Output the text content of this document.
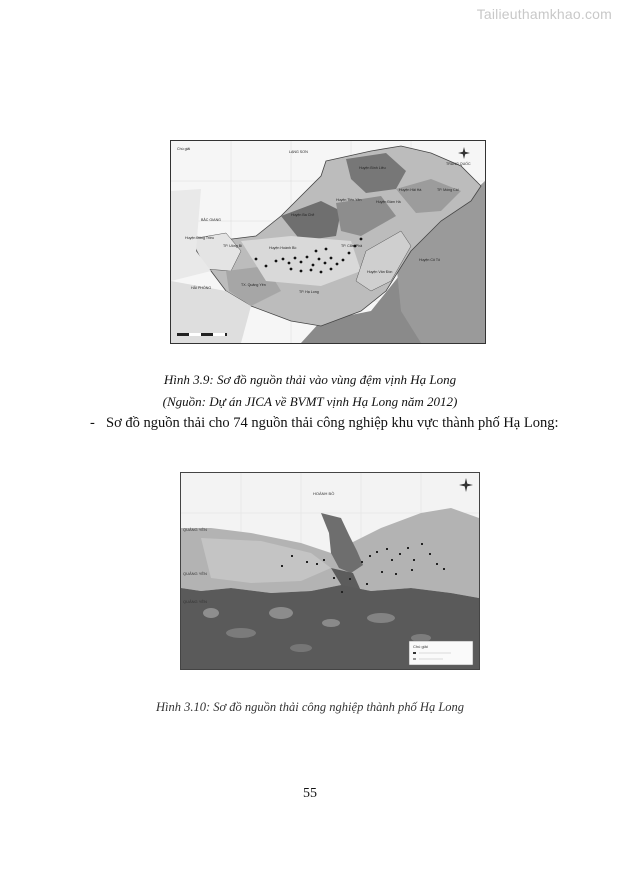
Tailieuthamkhao.com
Chú giải
LẠNG SƠN
TRUNG QUỐC
Huyện Bình Liêu
Huyện Hải Hà	TP. Móng Cái
Huyện Đầm Hà
Huyện Tiên Yên
Huyện Ba Chẽ
BẮC GIANG
Huyện Đông Triều
TP. Uông Bí	Huyện Hoành Bồ	TP. Cẩm Phả
Huyện Vân Đồn
Huyện Cô Tô
HẢI PHÒNG
TX. Quảng Yên
TP. Hạ Long
Hình 3.9: Sơ đồ nguồn thải vào vùng đệm vịnh Hạ Long
(Nguồn: Dự án JICA về BVMT vịnh Hạ Long năm 2012)
- Sơ đồ nguồn thải cho 74 nguồn thải công nghiệp khu vực thành phố Hạ Long:
Chú giải
HOÀNH BỒ
QUẢNG YÊN
QUẢNG YÊN
QUẢNG YÊN
Hình 3.10: Sơ đồ nguồn thải công nghiệp thành phố Hạ Long
55
